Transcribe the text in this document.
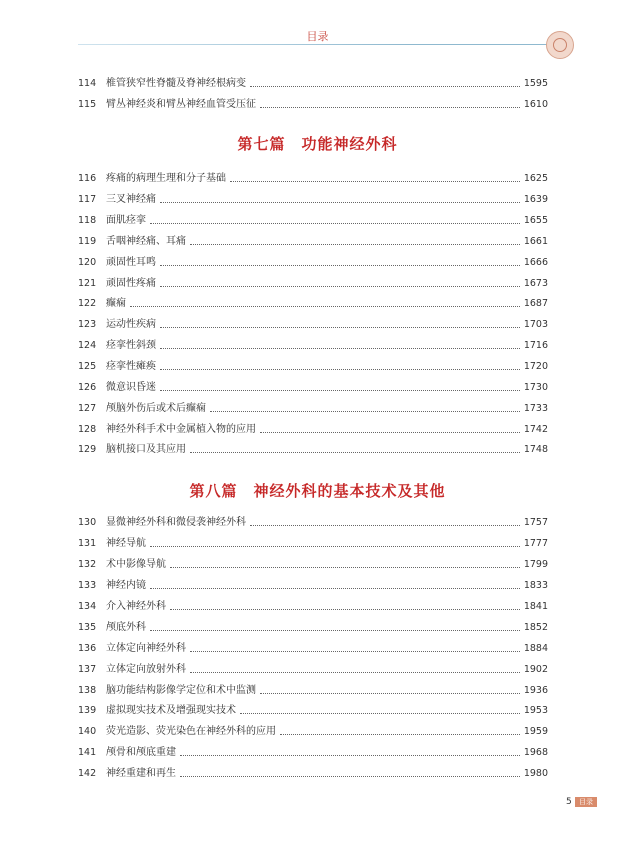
目录
第七篇　功能神经外科
第八篇　神经外科的基本技术及其他
114 椎管狭窄性脊髓及脊神经根病变	1595
115 臂丛神经炎和臂丛神经血管受压征	1610
116 疼痛的病理生理和分子基础	1625
117 三叉神经痛	1639
118 面肌痉挛	1655
119 舌咽神经痛、耳痛	1661
120 顽固性耳鸣	1666
121 顽固性疼痛	1673
122 癫痫	1687
123 运动性疾病	1703
124 痉挛性斜颈	1716
125 痉挛性瘫痪	1720
126 微意识昏迷	1730
127 颅脑外伤后或术后癫痫	1733
128 神经外科手术中金属植入物的应用	1742
129 脑机接口及其应用	1748
130 显微神经外科和微侵袭神经外科	1757
131 神经导航	1777
132 术中影像导航	1799
133 神经内镜	1833
134 介入神经外科	1841
135 颅底外科	1852
136 立体定向神经外科	1884
137 立体定向放射外科	1902
138 脑功能结构影像学定位和术中监测	1936
139 虚拟现实技术及增强现实技术	1953
140 荧光造影、荧光染色在神经外科的应用	1959
141 颅骨和颅底重建	1968
142 神经重建和再生	1980
5	目录
